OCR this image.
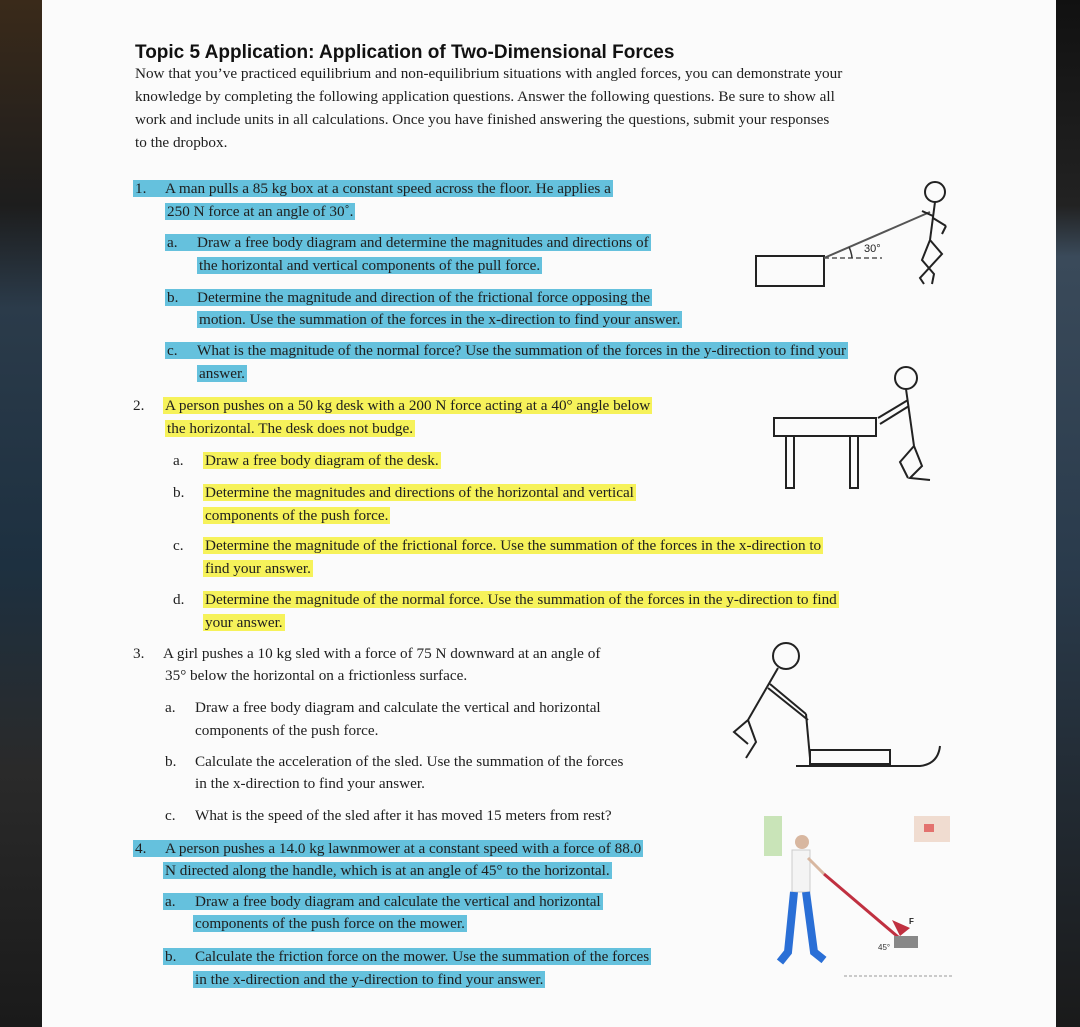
Topic 5 Application: Application of Two-Dimensional Forces
Now that you’ve practiced equilibrium and non-equilibrium situations with angled forces, you can demonstrate your
knowledge by completing the following application questions. Answer the following questions. Be sure to show all
work and include units in all calculations. Once you have finished answering the questions, submit your responses
to the dropbox.
1. A man pulls a 85 kg box at a constant speed across the floor. He applies a
250 N force at an angle of 30˚.
a. Draw a free body diagram and determine the magnitudes and directions of
the horizontal and vertical components of the pull force.
b. Determine the magnitude and direction of the frictional force opposing the
motion. Use the summation of the forces in the x-direction to find your answer.
c. What is the magnitude of the normal force? Use the summation of the forces in the y-direction to find your
answer.
30°
2. A person pushes on a 50 kg desk with a 200 N force acting at a 40° angle below
the horizontal. The desk does not budge.
a. Draw a free body diagram of the desk.
b. Determine the magnitudes and directions of the horizontal and vertical
components of the push force.
c. Determine the magnitude of the frictional force. Use the summation of the forces in the x-direction to
find your answer.
d. Determine the magnitude of the normal force. Use the summation of the forces in the y-direction to find
your answer.
3. A girl pushes a 10 kg sled with a force of 75 N downward at an angle of
35° below the horizontal on a frictionless surface.
a. Draw a free body diagram and calculate the vertical and horizontal
components of the push force.
b. Calculate the acceleration of the sled. Use the summation of the forces
in the x-direction to find your answer.
c. What is the speed of the sled after it has moved 15 meters from rest?
4. A person pushes a 14.0 kg lawnmower at a constant speed with a force of 88.0
N directed along the handle, which is at an angle of 45° to the horizontal.
a. Draw a free body diagram and calculate the vertical and horizontal
components of the push force on the mower.
b. Calculate the friction force on the mower. Use the summation of the forces
in the x-direction and the y-direction to find your answer.
F
45°
